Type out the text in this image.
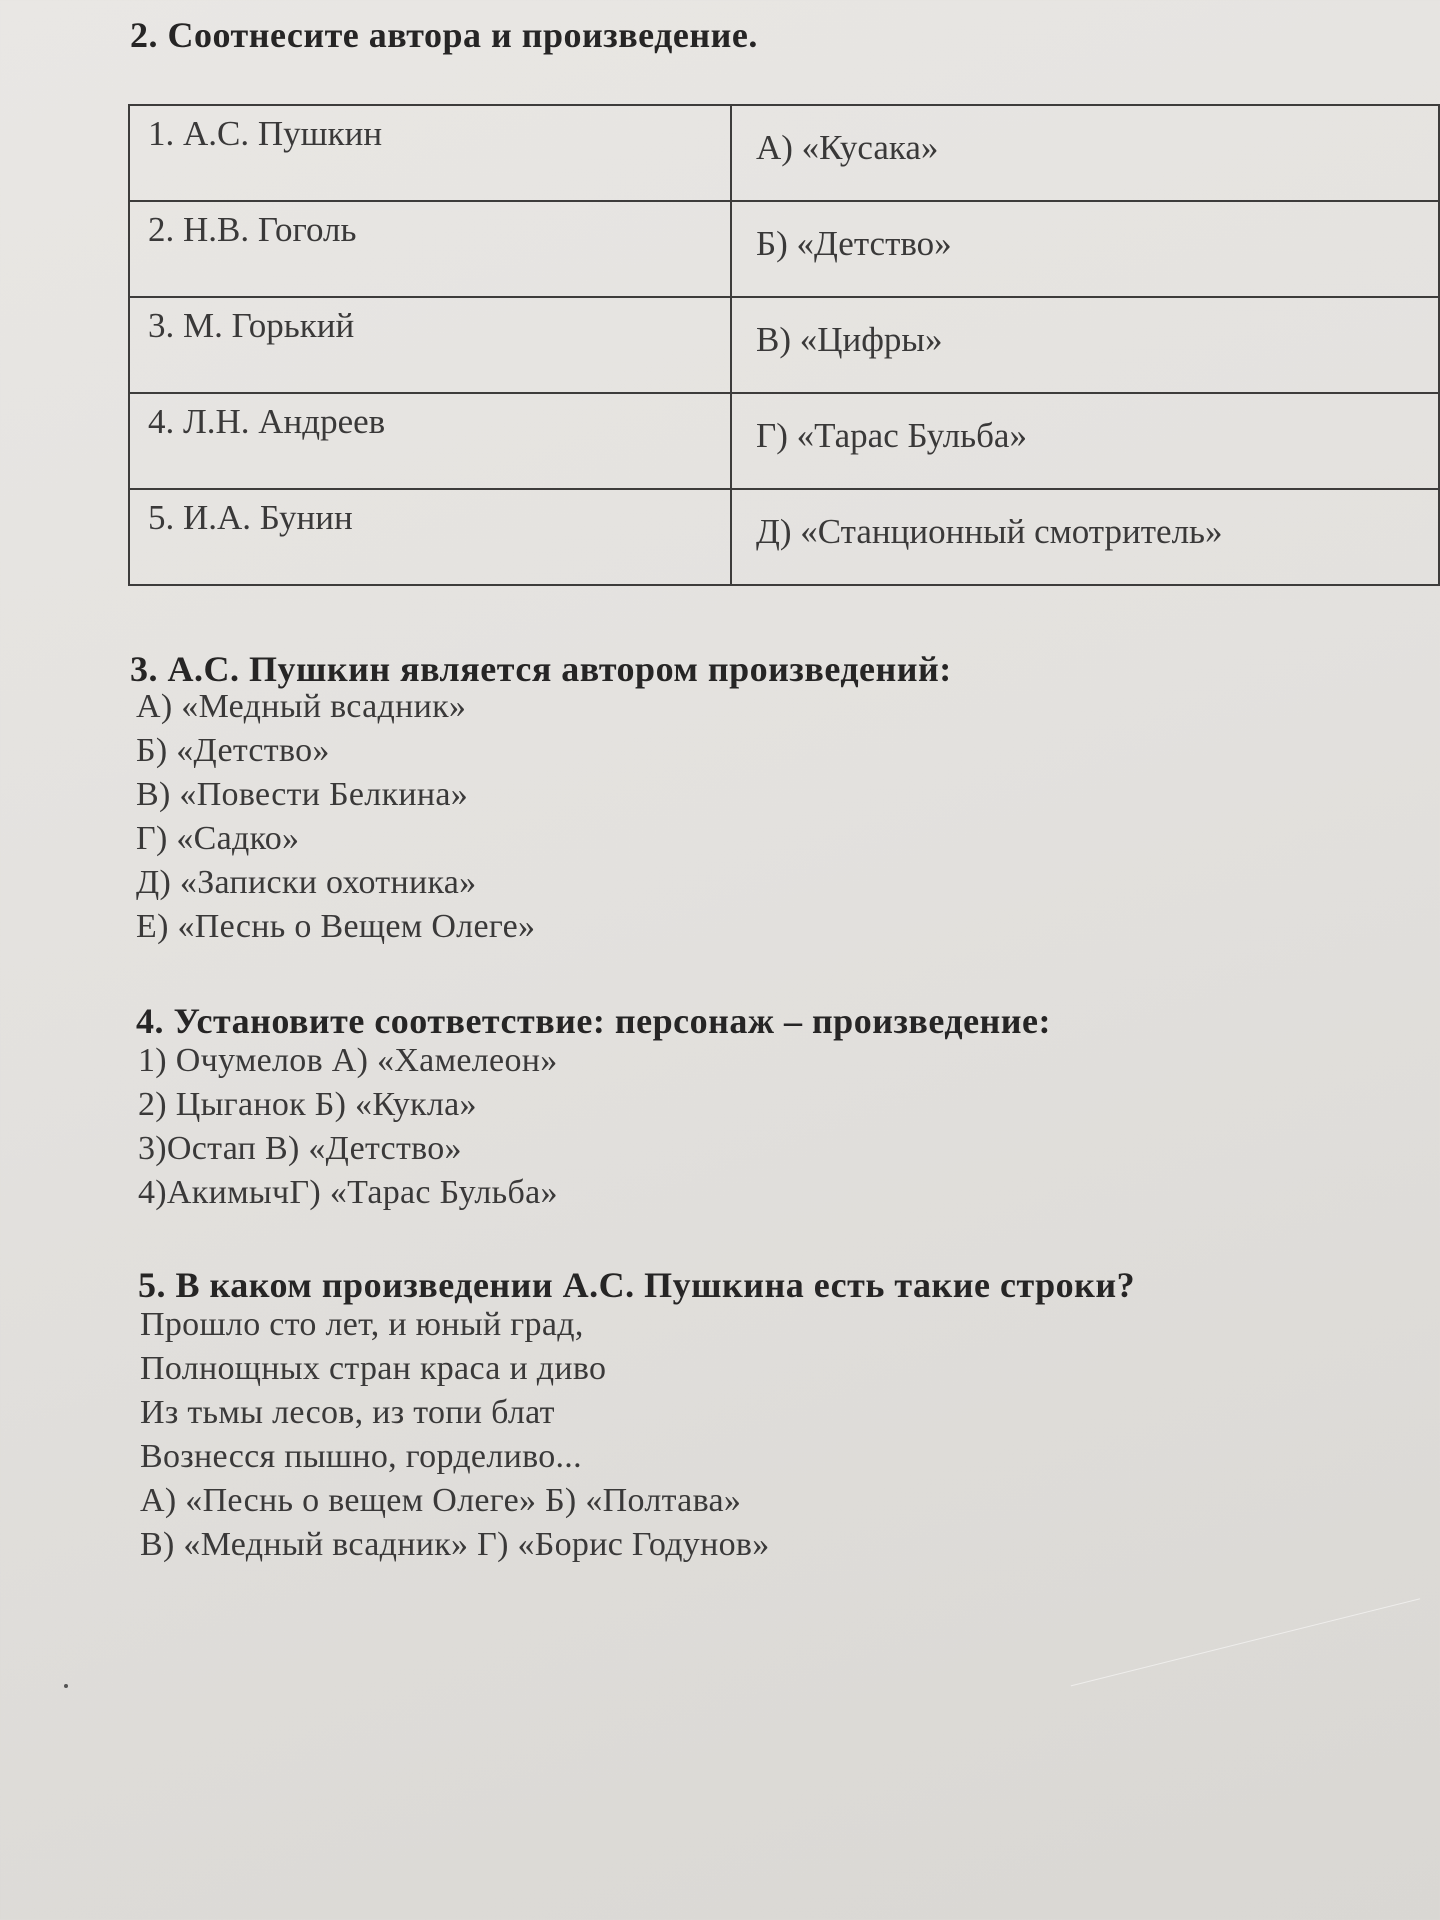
2. Соотнесите автора и произведение.
1. А.С. Пушкин	А) «Кусака»

2. Н.В. Гоголь	Б) «Детство»

3. М. Горький	В) «Цифры»

4. Л.Н. Андреев	Г) «Тарас Бульба»

5. И.А. Бунин	Д) «Станционный смотритель»
3. А.С. Пушкин является автором произведений:
А) «Медный всадник»
Б) «Детство»
В) «Повести Белкина»
Г) «Садко»
Д) «Записки охотника»
Е) «Песнь о Вещем Олеге»
4. Установите соответствие: персонаж – произведение:
1) Очумелов А) «Хамелеон»
2) Цыганок Б) «Кукла»
3)Остап В) «Детство»
4)АкимычГ) «Тарас Бульба»
5. В каком произведении А.С. Пушкина есть такие строки?
Прошло сто лет, и юный град,
Полнощных стран краса и диво
Из тьмы лесов, из топи блат
Вознесся пышно, горделиво...
А) «Песнь о вещем Олеге» Б) «Полтава»
В) «Медный всадник» Г) «Борис Годунов»
